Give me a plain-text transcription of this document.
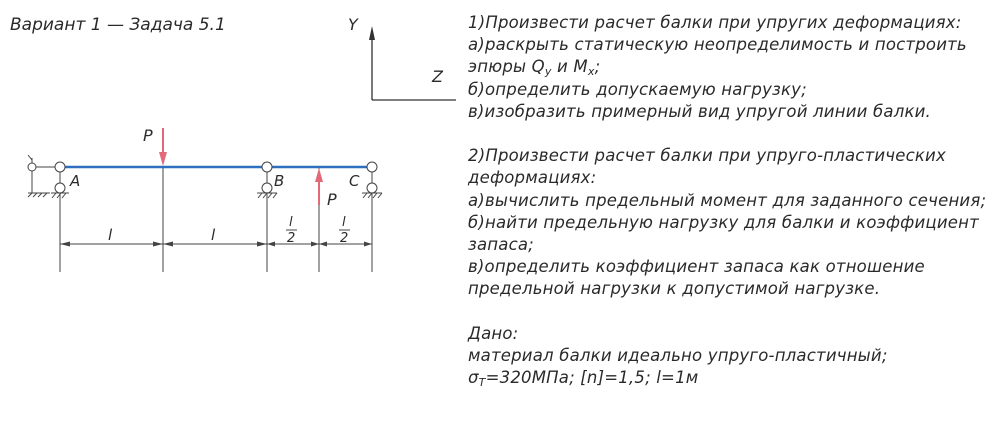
Вариант 1 — Задача 5.1	Y
Z
A	B	C
P
P
l	l
l
2
l
2
1)Произвести расчет балки при упругих деформациях:
а)раскрыть статическую неопределимость и построить
эпюры $Q_y$ и $M_x$;
б)определить допускаемую нагрузку;
в)изобразить примерный вид упругой линии балки.
2)Произвести расчет балки при упруго-пластических
деформациях:
а)вычислить предельный момент для заданного сечения;
б)найти предельную нагрузку для балки и коэффициент
запаса;
в)определить коэффициент запаса как отношение
предельной нагрузки к допустимой нагрузке.
Дано:
материал балки идеально упруго-пластичный;
$\sigma_T=320МПа$; [n]=1,5; l=1м
